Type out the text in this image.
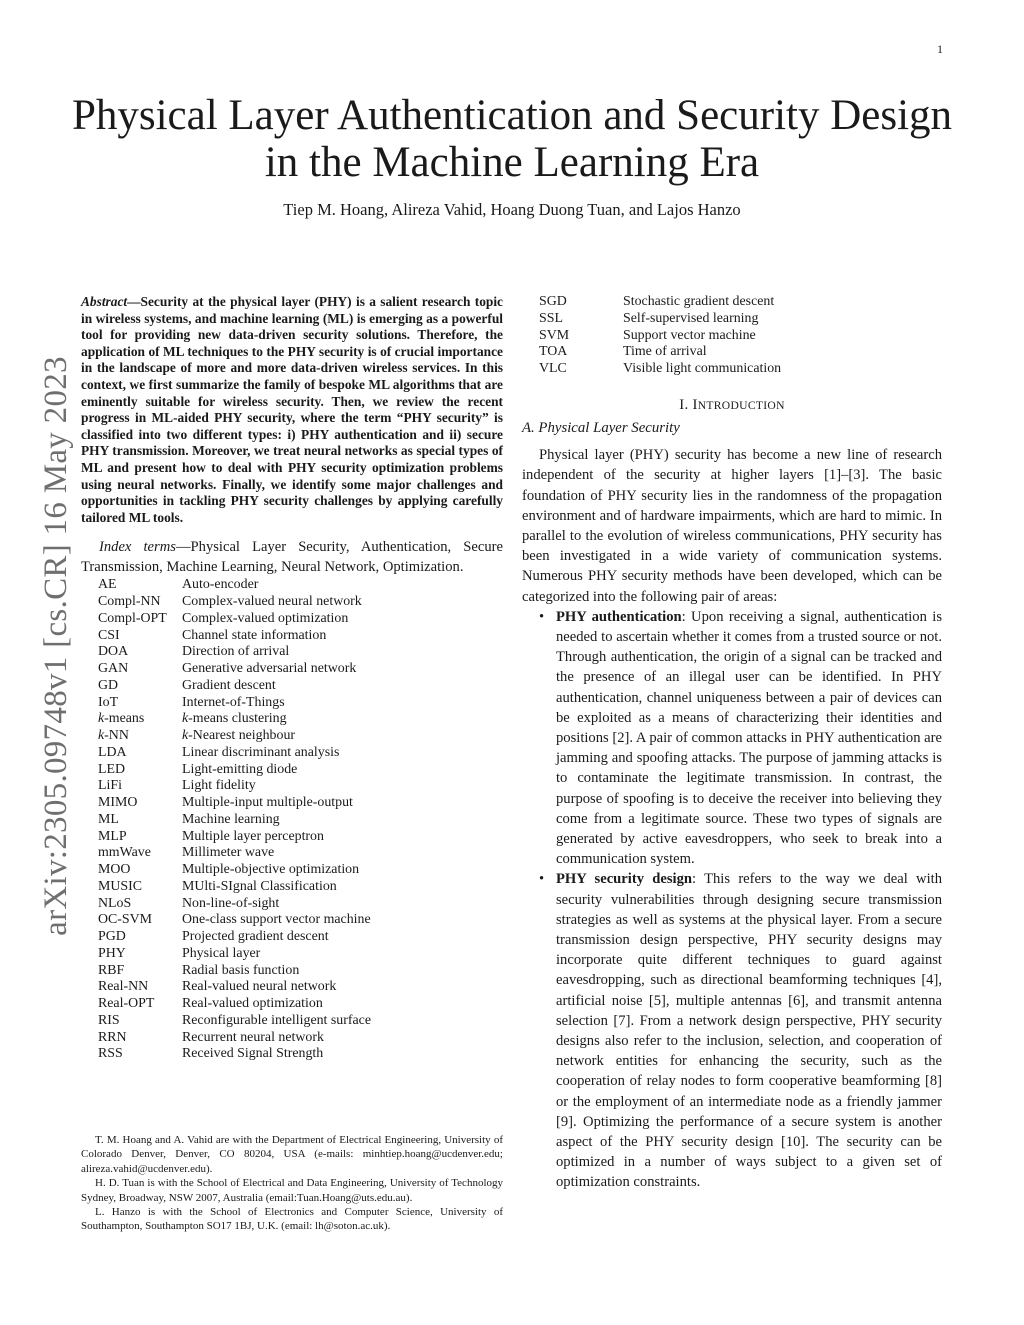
1
arXiv:2305.09748v1 [cs.CR] 16 May 2023
Physical Layer Authentication and Security Design
in the Machine Learning Era
Tiep M. Hoang, Alireza Vahid, Hoang Duong Tuan, and Lajos Hanzo

Abstract—Security at the physical layer (PHY) is a salient research topic in wireless systems, and machine learning (ML) is emerging as a powerful tool for providing new data-driven security solutions. Therefore, the application of ML techniques to the PHY security is of crucial importance in the landscape of more and more data-driven wireless services. In this context, we first summarize the family of bespoke ML algorithms that are eminently suitable for wireless security. Then, we review the recent progress in ML-aided PHY security, where the term “PHY security” is classified into two different types: i) PHY authentication and ii) secure PHY transmission. Moreover, we treat neural networks as special types of ML and present how to deal with PHY security optimization problems using neural networks. Finally, we identify some major challenges and opportunities in tackling PHY security challenges by applying carefully tailored ML tools.

Index terms—Physical Layer Security, Authentication, Secure Transmission, Machine Learning, Neural Network, Optimization.

AE	Auto-encoder
Compl-NN	Complex-valued neural network
Compl-OPT	Complex-valued optimization
CSI	Channel state information
DOA	Direction of arrival
GAN	Generative adversarial network
GD	Gradient descent
IoT	Internet-of-Things
k-means	k-means clustering
k-NN	k-Nearest neighbour
LDA	Linear discriminant analysis
LED	Light-emitting diode
LiFi	Light fidelity
MIMO	Multiple-input multiple-output
ML	Machine learning
MLP	Multiple layer perceptron
mmWave	Millimeter wave
MOO	Multiple-objective optimization
MUSIC	MUlti-SIgnal Classification
NLoS	Non-line-of-sight
OC-SVM	One-class support vector machine
PGD	Projected gradient descent
PHY	Physical layer
RBF	Radial basis function
Real-NN	Real-valued neural network
Real-OPT	Real-valued optimization
RIS	Reconfigurable intelligent surface
RRN	Recurrent neural network
RSS	Received Signal Strength

T. M. Hoang and A. Vahid are with the Department of Electrical Engineering, University of Colorado Denver, Denver, CO 80204, USA (e-mails: minhtiep.hoang@ucdenver.edu; alireza.vahid@ucdenver.edu).

H. D. Tuan is with the School of Electrical and Data Engineering, University of Technology Sydney, Broadway, NSW 2007, Australia (email:Tuan.Hoang@uts.edu.au).

L. Hanzo is with the School of Electronics and Computer Science, University of Southampton, Southampton SO17 1BJ, U.K. (email: lh@soton.ac.uk).

SGD	Stochastic gradient descent
SSL	Self-supervised learning
SVM	Support vector machine
TOA	Time of arrival
VLC	Visible light communication
I. INTRODUCTION
A. Physical Layer Security

Physical layer (PHY) security has become a new line of research independent of the security at higher layers [1]–[3]. The basic foundation of PHY security lies in the randomness of the propagation environment and of hardware impairments, which are hard to mimic. In parallel to the evolution of wireless communications, PHY security has been investigated in a wide variety of communication systems. Numerous PHY security methods have been developed, which can be categorized into the following pair of areas:

• PHY authentication: Upon receiving a signal, authentication is needed to ascertain whether it comes from a trusted source or not. Through authentication, the origin of a signal can be tracked and the presence of an illegal user can be identified. In PHY authentication, channel uniqueness between a pair of devices can be exploited as a means of characterizing their identities and positions [2]. A pair of common attacks in PHY authentication are jamming and spoofing attacks. The purpose of jamming attacks is to contaminate the legitimate transmission. In contrast, the purpose of spoofing is to deceive the receiver into believing they come from a legitimate source. These two types of signals are generated by active eavesdroppers, who seek to break into a communication system.
• PHY security design: This refers to the way we deal with security vulnerabilities through designing secure transmission strategies as well as systems at the physical layer. From a secure transmission design perspective, PHY security designs may incorporate quite different techniques to guard against eavesdropping, such as directional beamforming techniques [4], artificial noise [5], multiple antennas [6], and transmit antenna selection [7]. From a network design perspective, PHY security designs also refer to the inclusion, selection, and cooperation of network entities for enhancing the security, such as the cooperation of relay nodes to form cooperative beamforming [8] or the employment of an intermediate node as a friendly jammer [9]. Optimizing the performance of a secure system is another aspect of the PHY security design [10]. The security can be optimized in a number of ways subject to a given set of optimization constraints.
